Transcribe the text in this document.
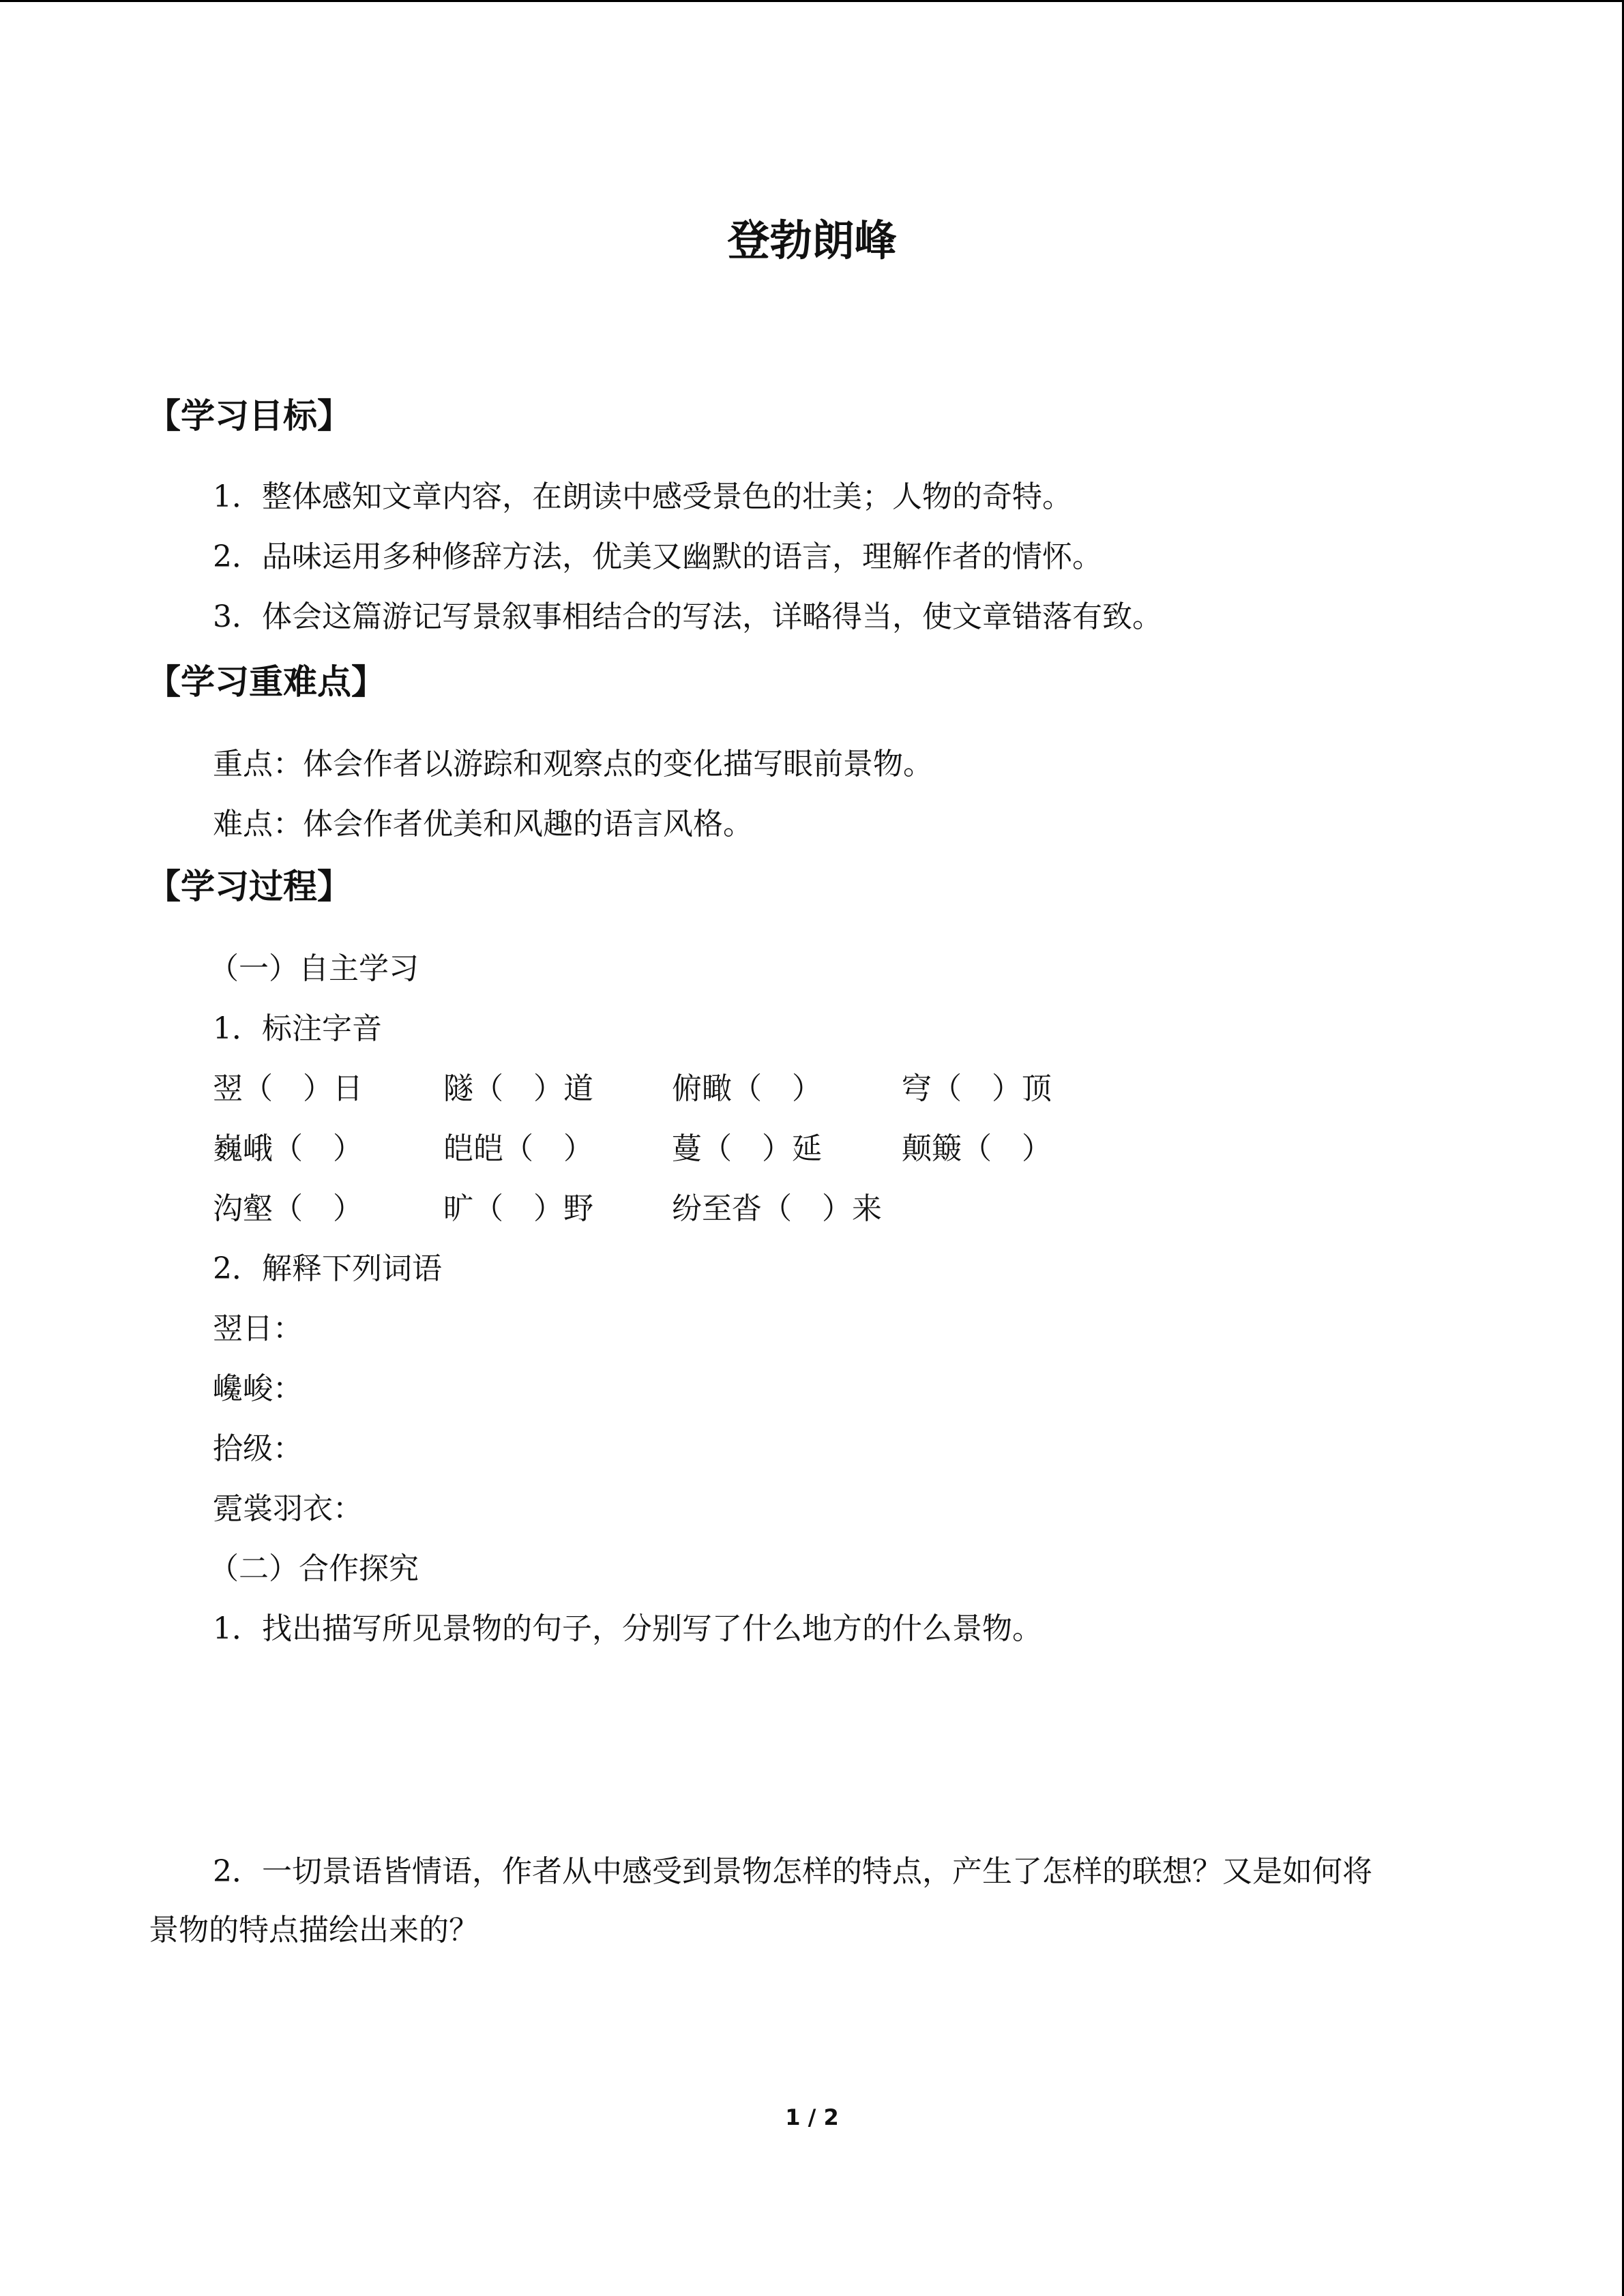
登勃朗峰
【学习目标】
1．整体感知文章内容，在朗读中感受景色的壮美；人物的奇特。
2．品味运用多种修辞方法，优美又幽默的语言，理解作者的情怀。
3．体会这篇游记写景叙事相结合的写法，详略得当，使文章错落有致。
【学习重难点】
重点：体会作者以游踪和观察点的变化描写眼前景物。
难点：体会作者优美和风趣的语言风格。
【学习过程】
（一）自主学习
1．标注字音
翌（　）日	隧（　）道	俯瞰（　）	穹（　）顶
巍峨（　）	皑皑（　）	蔓（　）延	颠簸（　）
沟壑（　）	旷（　）野	纷至沓（　）来
2．解释下列词语
翌日：
巉峻：
拾级：
霓裳羽衣：
（二）合作探究
1．找出描写所见景物的句子，分别写了什么地方的什么景物。
2．一切景语皆情语，作者从中感受到景物怎样的特点，产生了怎样的联想？又是如何将
景物的特点描绘出来的？
1 / 2
